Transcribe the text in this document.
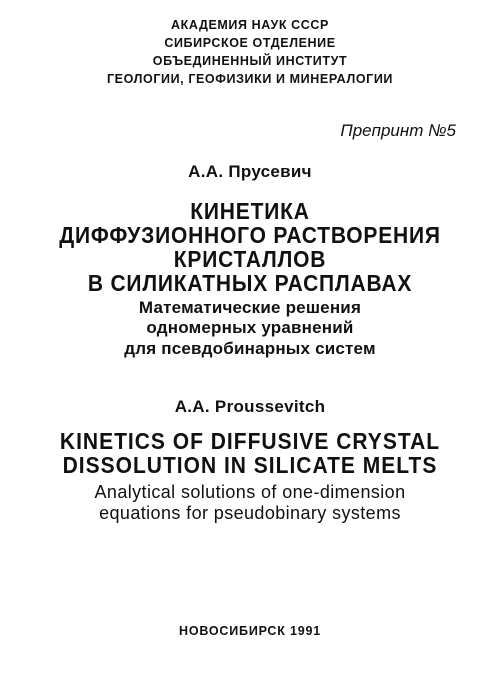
АКАДЕМИЯ НАУК СССР
СИБИРСКОЕ ОТДЕЛЕНИЕ
ОБЪЕДИНЕННЫЙ ИНСТИТУТ
ГЕОЛОГИИ, ГЕОФИЗИКИ И МИНЕРАЛОГИИ
Препринт №5
А.А. Прусевич
КИНЕТИКА
ДИФФУЗИОННОГО РАСТВОРЕНИЯ
КРИСТАЛЛОВ
В СИЛИКАТНЫХ РАСПЛАВАХ
Математические решения
одномерных уравнений
для псевдобинарных систем
A.A. Proussevitch
KINETICS OF DIFFUSIVE CRYSTAL
DISSOLUTION IN SILICATE MELTS
Analytical solutions of one-dimension
equations for pseudobinary systems
НОВОСИБИРСК 1991
